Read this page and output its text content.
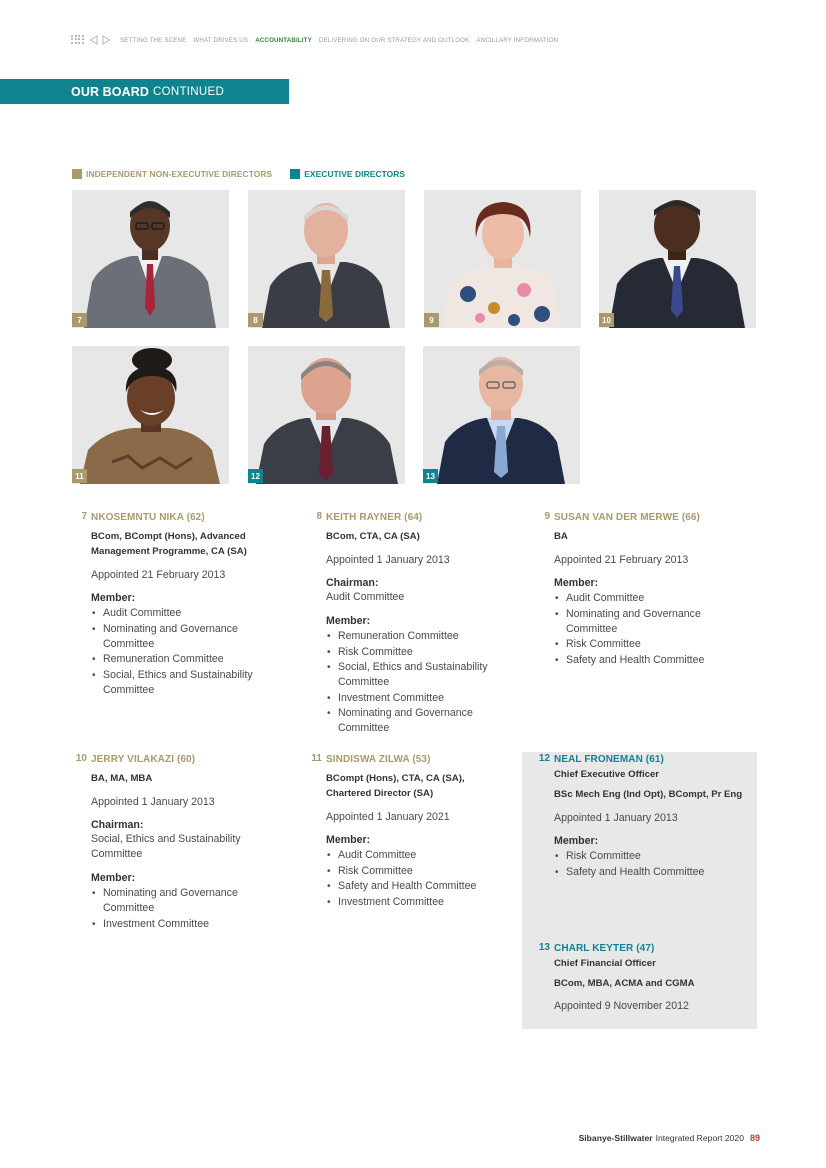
SETTING THE SCENE WHAT DRIVES US ACCOUNTABILITY DELIVERING ON OUR STRATEGY AND OUTLOOK ANCILLARY INFORMATION
OUR BOARD CONTINUED
INDEPENDENT NON-EXECUTIVE DIRECTORS	EXECUTIVE DIRECTORS
7	8	9	10
11	12	13
7 NKOSEMNTU NIKA (62)
BCom, BCompt (Hons), Advanced Management Programme, CA (SA)
Appointed 21 February 2013
Member:
• Audit Committee
• Nominating and Governance Committee
• Remuneration Committee
• Social, Ethics and Sustainability Committee
8 KEITH RAYNER (64)
BCom, CTA, CA (SA)
Appointed 1 January 2013
Chairman:
Audit Committee
Member:
• Remuneration Committee
• Risk Committee
• Social, Ethics and Sustainability Committee
• Investment Committee
• Nominating and Governance Committee
9 SUSAN VAN DER MERWE (66)
BA
Appointed 21 February 2013
Member:
• Audit Committee
• Nominating and Governance Committee
• Risk Committee
• Safety and Health Committee
10 JERRY VILAKAZI (60)
BA, MA, MBA
Appointed 1 January 2013
Chairman:
Social, Ethics and Sustainability Committee
Member:
• Nominating and Governance Committee
• Investment Committee
11 SINDISWA ZILWA (53)
BCompt (Hons), CTA, CA (SA), Chartered Director (SA)
Appointed 1 January 2021
Member:
• Audit Committee
• Risk Committee
• Safety and Health Committee
• Investment Committee
12 NEAL FRONEMAN (61)
Chief Executive Officer
BSc Mech Eng (Ind Opt), BCompt, Pr Eng
Appointed 1 January 2013
Member:
• Risk Committee
• Safety and Health Committee
13 CHARL KEYTER (47)
Chief Financial Officer
BCom, MBA, ACMA and CGMA
Appointed 9 November 2012
Sibanye-Stillwater Integrated Report 2020 89
